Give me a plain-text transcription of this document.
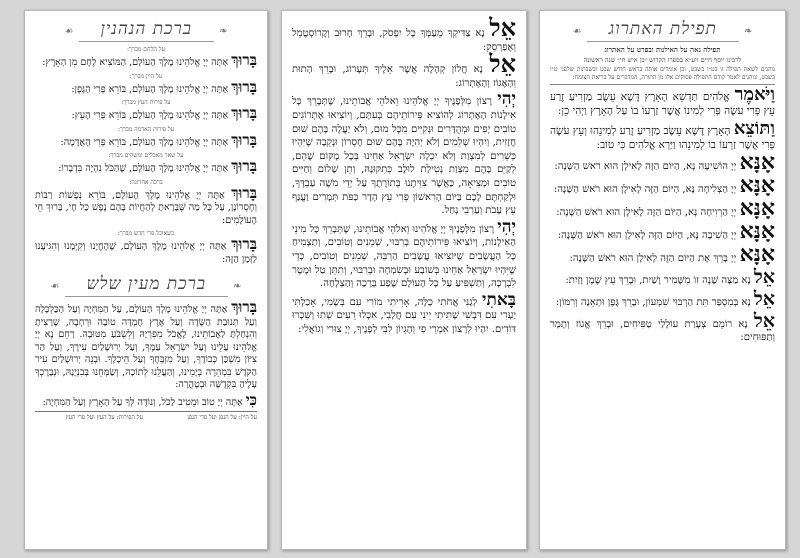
❧ ברכת הנהנין ☙
על הלחם מברך:
בָּרוּךְ אַתָּה יְיָ אֱלֹהֵינוּ מֶלֶךְ הָעוֹלָם, הַמּוֹצִיא לֶחֶם מִן הָאָרֶץ:
על היין מברך:
בָּרוּךְ אַתָּה יְיָ אֱלֹהֵינוּ מֶלֶךְ הָעוֹלָם, בּוֹרֵא פְּרִי הַגָּפֶן:
על פירות העץ מברך:
בָּרוּךְ אַתָּה יְיָ אֱלֹהֵינוּ מֶלֶךְ הָעוֹלָם, בּוֹרֵא פְּרִי הָעֵץ:
על פירות האדמה מברך:
בָּרוּךְ אַתָּה יְיָ אֱלֹהֵינוּ מֶלֶךְ הָעוֹלָם, בּוֹרֵא פְּרִי הָאֲדָמָה:
על שאר מאכלים ומשקים מברך:
בָּרוּךְ אַתָּה יְיָ אֱלֹהֵינוּ מֶלֶךְ הָעוֹלָם, שֶׁהַכֹּל נִהְיָה בִּדְבָרוֹ:
ברכה אחרונה:
בָּרוּךְ אַתָּה יְיָ אֱלֹהֵינוּ מֶלֶךְ הָעוֹלָם, בּוֹרֵא נְפָשׁוֹת רַבּוֹת וְחֶסְרוֹנָן, עַל כָּל מַה שֶּׁבָּרָאתָ לְהַחֲיוֹת בָּהֶם נֶפֶשׁ כָּל חָי, בָּרוּךְ חֵי הָעוֹלָמִים:
כשאוכל פרי חדש מברך:
בָּרוּךְ אַתָּה יְיָ אֱלֹהֵינוּ מֶלֶךְ הָעוֹלָם, שֶׁהֶחֱיָנוּ וְקִיְּמָנוּ וְהִגִּיעָנוּ לַזְּמַן הַזֶּה:
❧ ברכת מעין שלש ☙
בָּרוּךְ אַתָּה יְיָ אֱלֹהֵינוּ מֶלֶךְ הָעוֹלָם, עַל הַמִּחְיָה וְעַל הַכַּלְכָּלָה וְעַל תְּנוּבַת הַשָּׂדֶה וְעַל אֶרֶץ חֶמְדָּה טוֹבָה וּרְחָבָה, שֶׁרָצִיתָ וְהִנְחַלְתָּ לַאֲבוֹתֵינוּ, לֶאֱכֹל מִפִּרְיָהּ וְלִשְׂבֹּעַ מִטּוּבָהּ. רַחֵם נָא יְיָ אֱלֹהֵינוּ עָלֵינוּ וְעַל יִשְׂרָאֵל עַמֶּךָ, וְעַל יְרוּשָׁלַיִם עִירֶךָ, וְעַל הַר צִיּוֹן מִשְׁכַּן כְּבוֹדֶךָ, וְעַל מִזְבְּחֶךָ וְעַל הֵיכָלֶךָ. וּבְנֵה יְרוּשָׁלַיִם עִיר הַקֹּדֶשׁ בִּמְהֵרָה בְיָמֵינוּ, וְהַעֲלֵנוּ לְתוֹכָהּ, וְשַׂמְּחֵנוּ בְּבִנְיָנָהּ, וּנְבָרֶכְךָ עָלֶיהָ בִּקְדֻשָּׁה וּבְטָהֳרָה:
כִּי אַתָּה יְיָ טוֹב וּמֵטִיב לַכֹּל, וְנוֹדֶה לְּךָ עַל הָאָרֶץ וְעַל הַמִּחְיָה:
על היין: על הגפן ועל פרי הגפן
על הפירות: על העץ ועל פרי העץ
אֵל נָא צַדִּיקְךָ מֵעַמְּךָ כָּל יִפְסֹק, וּבָרֵךְ חָרוּב וְקָרוֹסְטֶמֵל וְאֶפַרְסֵק:
אֵל נָא חֲלוֹן קְהָלָה אֲשֶׁר אֵלֶיךָ תְּעָרוֹג, וּבָרֵךְ הָתוּת וְהָאֶגוֹז וְהָאֶתְרוֹג:
יְהִי רָצוֹן מִלְּפָנֶיךָ יְיָ אֱלֹהֵינוּ וֵאלֹהֵי אֲבוֹתֵינוּ, שֶׁתְּבָרֵךְ כָּל אִילָנוֹת הָאֶתְרוֹג לְהוֹצִיא פֵּירוֹתֵיהֶם בְּעִתָּם, וְיוֹצִיאוּ אֶתְרוֹגִים טוֹבִים יָפִים וּמְהֻדָּרִים וּנְקִיִּים מִכָּל מוּם, וְלֹא יַעֲלֶה בָּהֶם שׁוּם חֲזָזִית, וְיִהְיוּ שְׁלֵמִים וְלֹא יְהִיֶה בָּהֶם שׁוּם חֶסְרוֹן וּנְקֵבָה שֶׁיִּהְיוּ כְּשֵׁרִים לְמִצְוַת וְלֹא יִכְלֶה יִשְׂרָאֵל אַחֵינוּ בְּכָל מָקוֹם שֶׁהֵם, לְקַיֵּם בָּהֶם מִצְוַת נְטִילַת לוּלָב כְּתִקּוּנָהּ, וְתֵן שָׁלוֹם וְחַיִּים טוֹבִים וּמְצִיאָה, כַּאֲשֶׁר צִוִּיתָנוּ בְּתוֹרָתֶךָ עַל יְדֵי מֹשֶׁה עַבְדֶּךָ, וּלְקַחְתֶּם לָכֶם בַּיּוֹם הָרִאשׁוֹן פְּרִי עֵץ הָדָר כַּפֹּת תְּמָרִים וַעֲנַף עֵץ עָבֹת וְעַרְבֵי נָחַל.
יְהִי רָצוֹן מִלְּפָנֶיךָ יְיָ אֱלֹהֵינוּ וֵאלֹהֵי אֲבוֹתֵינוּ, שֶׁתְּבָרֵךְ כָּל מִינֵי הָאִילָנוֹת, וְיוֹצִיאוּ פֵּירוֹתֵיהֶם בְּרִבּוּי, שְׁמֵנִים וְטוֹבִים, וְתַצְמִיחַ כָּל הָעֲשָׂבִים שֶׁיּוֹצִיאוּ עֲשָׂבִים הַרְבֵּה, שְׁמֵנִים וְטוֹבִים, כְּדֵי שֶׁיִּהְיוּ יִשְׂרָאֵל אַחֵינוּ בְּשׁוֹבַע וּבְשִׂמְחָה וּבְרִבּוּי, וְתִתֵּן טַל וּמָטָר לִבְרָכָה, וְתַשְׁפִּיעַ עַל כָּל הָעוֹלָם שֶׁפַע בְּרָכָה וְהַצְלָחָה.
בָּאתִי לְגַנִּי אֲחֹתִי כַלָּה, אָרִיתִי מוֹרִי עִם בְּשָׂמִי, אָכַלְתִּי יַעְרִי עִם דִּבְשִׁי שָׁתִיתִי יֵינִי עִם חֲלָבִי, אִכְלוּ רֵעִים שְׁתוּ וְשִׁכְרוּ דּוֹדִים. יִהְיוּ לְרָצוֹן אִמְרֵי פִי וְהֶגְיוֹן לִבִּי לְפָנֶיךָ, יְיָ צוּרִי וְגוֹאֲלִי:
❧ תפילת האתרוג ☙
תפילה נאה על האילנות ובפרט על האתרוג
לרבינו יוסף חיים זיע״א בספרו הקדוש ״בן איש חי״ שנה ראשונה
נוהגים לשאת תפילה זו בט״ו בשבט, וכן אומרים אותה בראש חודש שבט ובשבתות שלפני ט״ו בשבט, ונוהגים לאמר קודם התפילה פסוקים אלו מן התורה, המדברים על בריאת הצומח:
וַיֹּאמֶר אֱלֹהִים תַּדְשֵׁא הָאָרֶץ דֶּשֶׁא עֵשֶׂב מַזְרִיעַ זֶרַע עֵץ פְּרִי עֹשֶׂה פְּרִי לְמִינוֹ אֲשֶׁר זַרְעוֹ בוֹ עַל הָאָרֶץ וַיְהִי כֵן:
וַתּוֹצֵא הָאָרֶץ דֶּשֶׁא עֵשֶׂב מַזְרִיעַ זֶרַע לְמִינֵהוּ וְעֵץ עֹשֶׂה פְּרִי אֲשֶׁר זַרְעוֹ בוֹ לְמִינֵהוּ וַיַּרְא אֱלֹהִים כִּי טוֹב:
אָנָּא יְיָ הוֹשִׁיעָה נָּא, הַיּוֹם הַזֶּה לָאִילָן הוּא רֹאשׁ הַשָּׁנָה:
אָנָּא יְיָ הַצְלִיחָה נָּא, הַיּוֹם הַזֶּה לָאִילָן הוּא רֹאשׁ הַשָּׁנָה:
אָנָּא יְיָ הַרְוִיחָה נָּא, הַיּוֹם הַזֶּה לָאִילָן הוּא רֹאשׁ הַשָּׁנָה:
אָנָּא יְיָ הַשִׁיבָה נָּא, הַיּוֹם הַזֶּה לָאִילָן הוּא רֹאשׁ הַשָּׁנָה:
אָנָּא יְיָ בָּרֵךְ אֶת הַיּוֹם הַזֶּה לָאִילָן הוּא רֹאשׁ הַשָּׁנָה:
אֵל נָא מַצָּה שָׁנָה זוֹ מִשָּׁמִיר וָשַׁיִת, וּבָרֵךְ עֵץ שֶׁמֶן וָזַיִת:
אֵל נָא בְּמִסְפַּר תֵּת הַרְבּוּי שִׁמְעוֹן, וּבָרֵךְ גֶּפֶן וּתְאֵנָה וְרִמּוֹן:
אֵל נָא רוֹמֵם צְעָרַת עוֹלָלַי טַפִּיחִים, וּבָרֵךְ אֱגוֹז וְתָמָר וְתַפּוּחִים:
